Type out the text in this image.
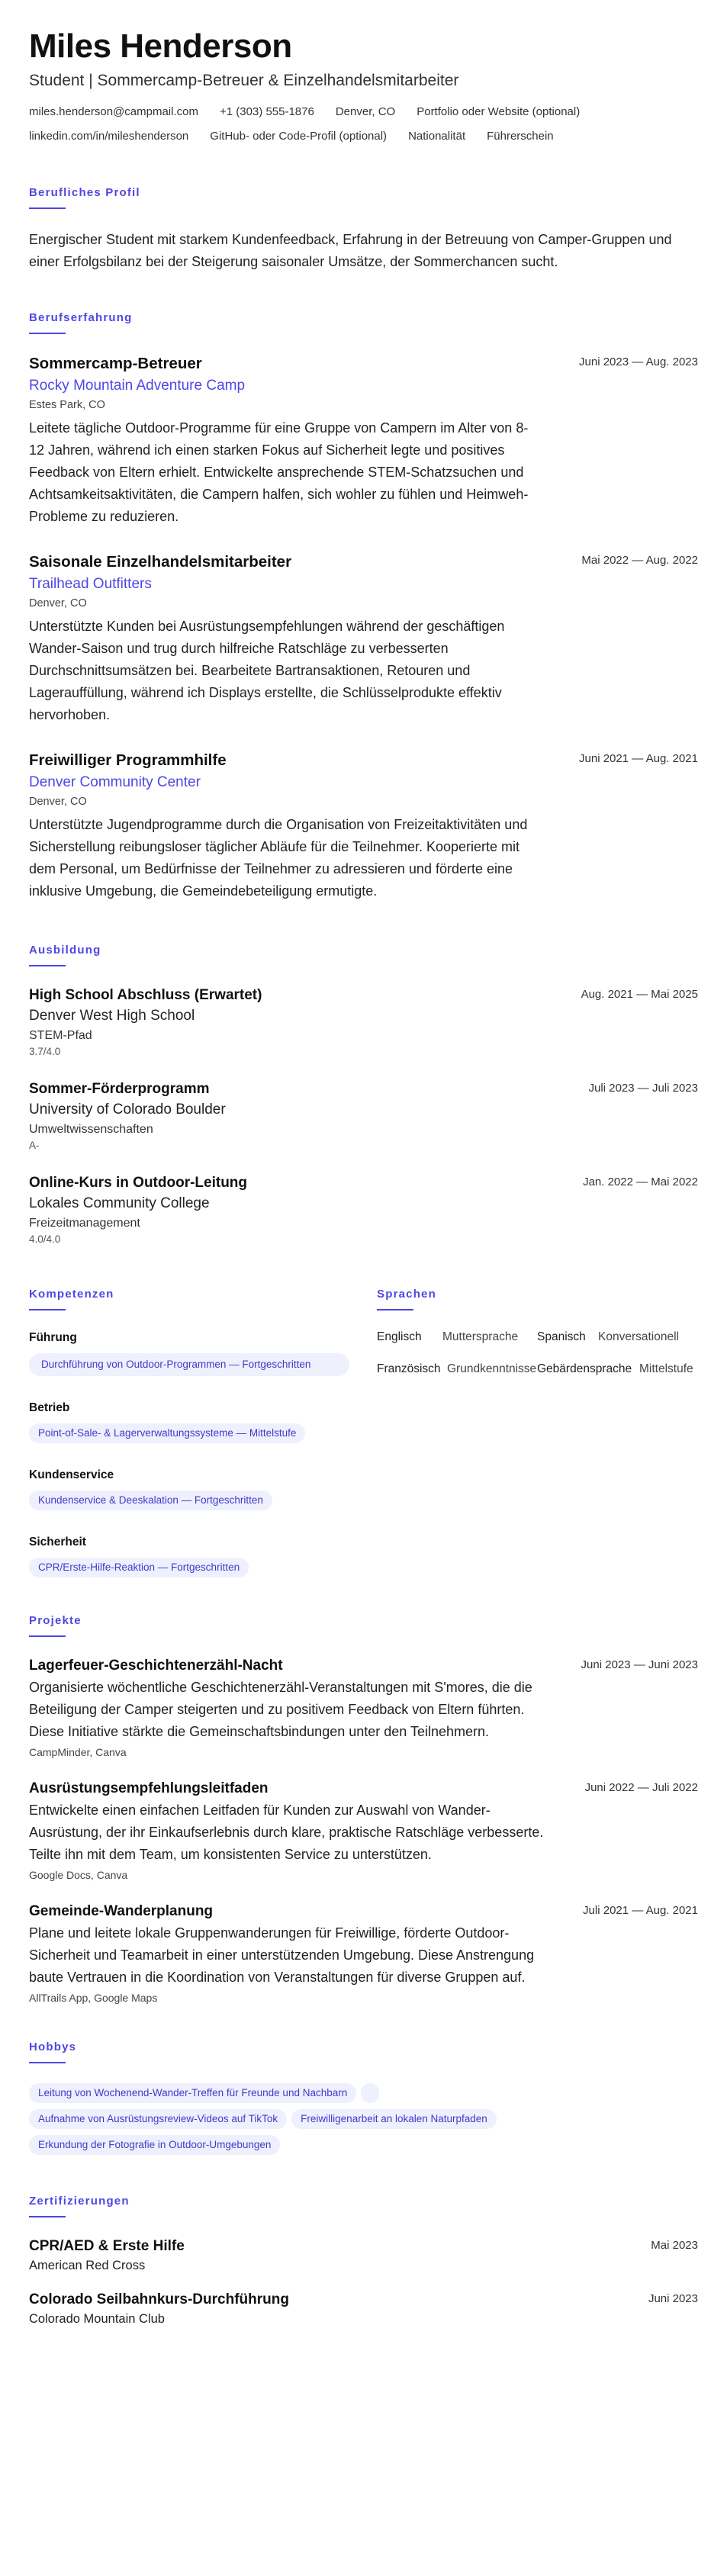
Miles Henderson
Student | Sommercamp-Betreuer & Einzelhandelsmitarbeiter
miles.henderson@campmail.com +1 (303) 555-1876 Denver, CO Portfolio oder Website (optional)
linkedin.com/in/mileshenderson GitHub- oder Code-Profil (optional) Nationalität Führerschein
Berufliches Profil

Energischer Student mit starkem Kundenfeedback, Erfahrung in der Betreuung von Camper-Gruppen und einer Erfolgsbilanz bei der Steigerung saisonaler Umsätze, der Sommerchancen sucht.

Berufserfahrung
Sommercamp-Betreuer	Juni 2023 — Aug. 2023
Rocky Mountain Adventure Camp
Estes Park, CO

Leitete tägliche Outdoor-Programme für eine Gruppe von Campern im Alter von 8-12 Jahren, während ich einen starken Fokus auf Sicherheit legte und positives Feedback von Eltern erhielt. Entwickelte ansprechende STEM-Schatzsuchen und Achtsamkeitsaktivitäten, die Campern halfen, sich wohler zu fühlen und Heimweh-Probleme zu reduzieren.

Saisonale Einzelhandelsmitarbeiter	Mai 2022 — Aug. 2022
Trailhead Outfitters
Denver, CO

Unterstützte Kunden bei Ausrüstungsempfehlungen während der geschäftigen Wander-Saison und trug durch hilfreiche Ratschläge zu verbesserten Durchschnittsumsätzen bei. Bearbeitete Bartransaktionen, Retouren und Lagerauffüllung, während ich Displays erstellte, die Schlüsselprodukte effektiv hervorhoben.

Freiwilliger Programmhilfe	Juni 2021 — Aug. 2021
Denver Community Center
Denver, CO

Unterstützte Jugendprogramme durch die Organisation von Freizeitaktivitäten und Sicherstellung reibungsloser täglicher Abläufe für die Teilnehmer. Kooperierte mit dem Personal, um Bedürfnisse der Teilnehmer zu adressieren und förderte eine inklusive Umgebung, die Gemeindebeteiligung ermutigte.

Ausbildung
High School Abschluss (Erwartet)	Aug. 2021 — Mai 2025
Denver West High School
STEM-Pfad
3.7/4.0
Sommer-Förderprogramm	Juli 2023 — Juli 2023
University of Colorado Boulder
Umweltwissenschaften
A-
Online-Kurs in Outdoor-Leitung	Jan. 2022 — Mai 2022
Lokales Community College
Freizeitmanagement
4.0/4.0
Kompetenzen
Führung
Durchführung von Outdoor-Programmen — Fortgeschritten
Betrieb
Point-of-Sale- & Lagerverwaltungssysteme — Mittelstufe
Kundenservice
Kundenservice & Deeskalation — Fortgeschritten
Sicherheit
CPR/Erste-Hilfe-Reaktion — Fortgeschritten
Sprachen
Englisch	Muttersprache Spanisch	Konversationell
Französisch Grundkenntnisse Gebärdensprache Mittelstufe
Projekte
Lagerfeuer-Geschichtenerzähl-Nacht	Juni 2023 — Juni 2023

Organisierte wöchentliche Geschichtenerzähl-Veranstaltungen mit S'mores, die die Beteiligung der Camper steigerten und zu positivem Feedback von Eltern führten. Diese Initiative stärkte die Gemeinschaftsbindungen unter den Teilnehmern.

CampMinder, Canva
Ausrüstungsempfehlungsleitfaden	Juni 2022 — Juli 2022

Entwickelte einen einfachen Leitfaden für Kunden zur Auswahl von Wander-Ausrüstung, der ihr Einkaufserlebnis durch klare, praktische Ratschläge verbesserte. Teilte ihn mit dem Team, um konsistenten Service zu unterstützen.

Google Docs, Canva
Gemeinde-Wanderplanung	Juli 2021 — Aug. 2021

Plane und leitete lokale Gruppenwanderungen für Freiwillige, förderte Outdoor-Sicherheit und Teamarbeit in einer unterstützenden Umgebung. Diese Anstrengung baute Vertrauen in die Koordination von Veranstaltungen für diverse Gruppen auf.

AllTrails App, Google Maps
Hobbys
Leitung von Wochenend-Wander-Treffen für Freunde und Nachbarn
Aufnahme von Ausrüstungsreview-Videos auf TikTok	Freiwilligenarbeit an lokalen Naturpfaden
Erkundung der Fotografie in Outdoor-Umgebungen
Zertifizierungen
CPR/AED & Erste Hilfe
American Red Cross
Mai 2023
Colorado Seilbahnkurs-Durchführung
Colorado Mountain Club
Juni 2023
